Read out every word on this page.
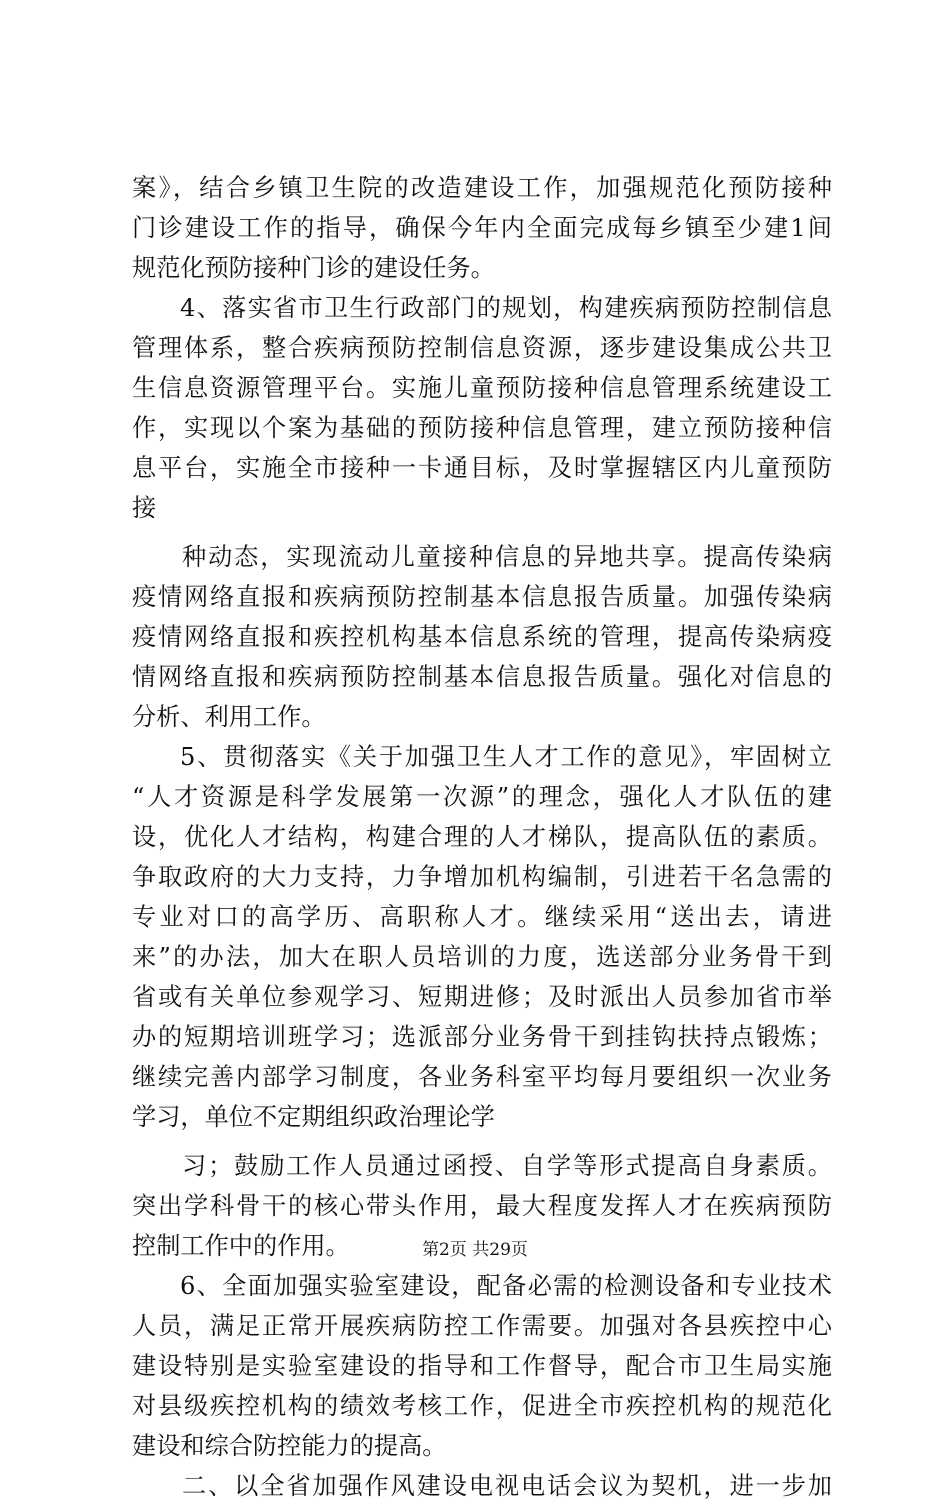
案》，结合乡镇卫生院的改造建设工作，加强规范化预防接种
门诊建设工作的指导，确保今年内全面完成每乡镇至少建1间
规范化预防接种门诊的建设任务。
4、落实省市卫生行政部门的规划，构建疾病预防控制信息
管理体系，整合疾病预防控制信息资源，逐步建设集成公共卫
生信息资源管理平台。实施儿童预防接种信息管理系统建设工
作，实现以个案为基础的预防接种信息管理，建立预防接种信
息平台，实施全市接种一卡通目标，及时掌握辖区内儿童预防
接
种动态，实现流动儿童接种信息的异地共享。提高传染病
疫情网络直报和疾病预防控制基本信息报告质量。加强传染病
疫情网络直报和疾控机构基本信息系统的管理，提高传染病疫
情网络直报和疾病预防控制基本信息报告质量。强化对信息的
分析、利用工作。
5、贯彻落实《关于加强卫生人才工作的意见》，牢固树立
“人才资源是科学发展第一次源”的理念，强化人才队伍的建
设，优化人才结构，构建合理的人才梯队，提高队伍的素质。
争取政府的大力支持，力争增加机构编制，引进若干名急需的
专业对口的高学历、高职称人才。继续采用“送出去，请进
来”的办法，加大在职人员培训的力度，选送部分业务骨干到
省或有关单位参观学习、短期进修；及时派出人员参加省市举
办的短期培训班学习；选派部分业务骨干到挂钩扶持点锻炼；
继续完善内部学习制度，各业务科室平均每月要组织一次业务
学习，单位不定期组织政治理论学
习；鼓励工作人员通过函授、自学等形式提高自身素质。
突出学科骨干的核心带头作用，最大程度发挥人才在疾病预防
控制工作中的作用。
6、全面加强实验室建设，配备必需的检测设备和专业技术
人员，满足正常开展疾病防控工作需要。加强对各县疾控中心
建设特别是实验室建设的指导和工作督导，配合市卫生局实施
对县级疾控机构的绩效考核工作，促进全市疾控机构的规范化
建设和综合防控能力的提高。
二、以全省加强作风建设电视电话会议为契机，进一步加
第2页 共29页
